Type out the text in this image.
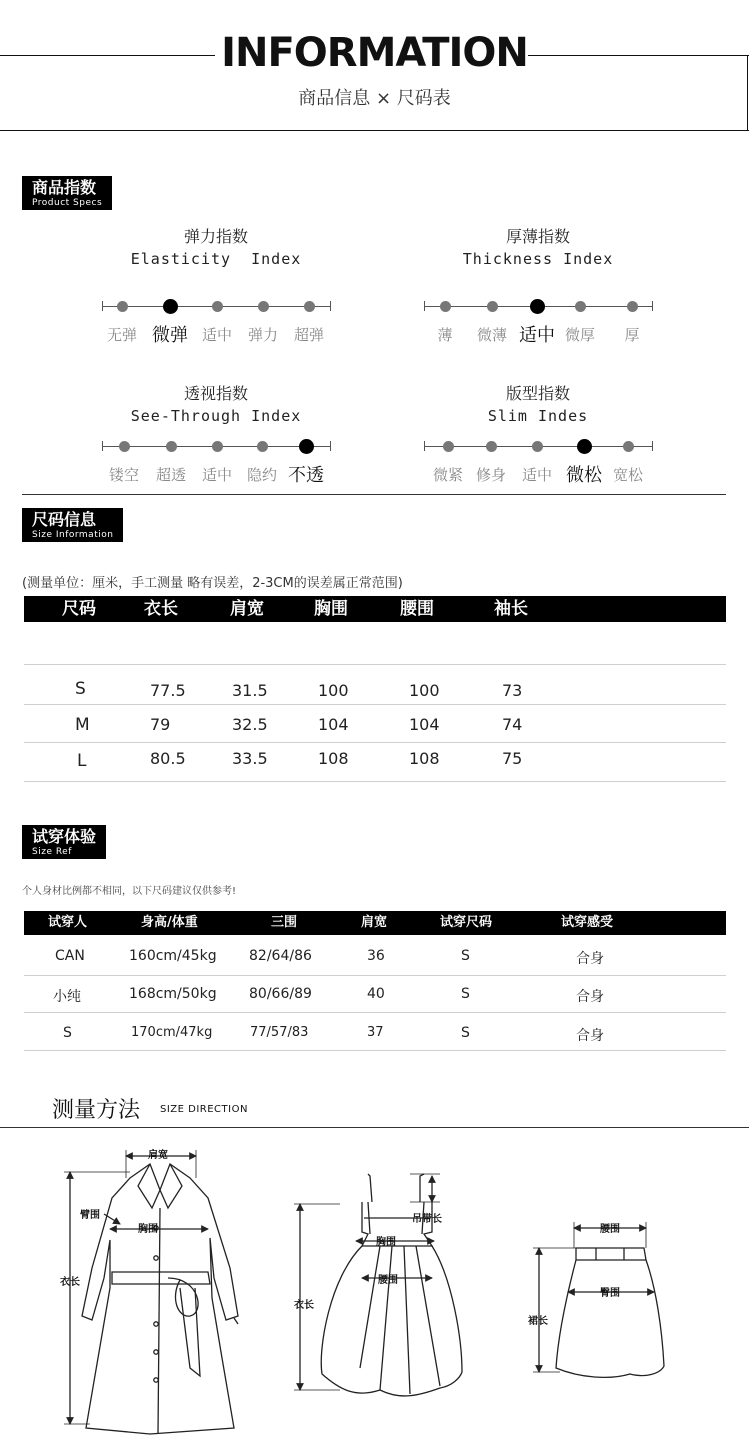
INFORMATION
商品信息 × 尺码表
商品指数
Product Specs
弹力指数
Elasticity  Index
无弹 微弹 适中	弹力	超弹
厚薄指数
Thickness Index
薄	微薄 适中 微厚	厚
透视指数
See-Through Index
镂空	超透	适中 隐约 不透
版型指数
Slim Indes
微紧 修身	适中 微松 宽松
尺码信息
Size Information
(测量单位：厘米，手工测量 略有误差，2-3CM的误差属正常范围)
尺码	衣长	肩宽	胸围	腰围	袖长
S	77.5	31.5	100	100	73
M	79	32.5	104	104	74
L	80.5	33.5	108	108	75
试穿体验
Size Ref
个人身材比例都不相同，以下尺码建议仅供参考!
试穿人	身高/体重	三围	肩宽	试穿尺码	试穿感受
CAN	160cm/45kg 82/64/86	36	S	合身
小纯	168cm/50kg 80/66/89	40	S	合身
S	170cm/47kg	77/57/83	37	S	合身
测量方法 SIZE DIRECTION
肩宽
臂围
胸围
衣长
胸围
腰围
吊带长
衣长
腰围
臀围
裙长
